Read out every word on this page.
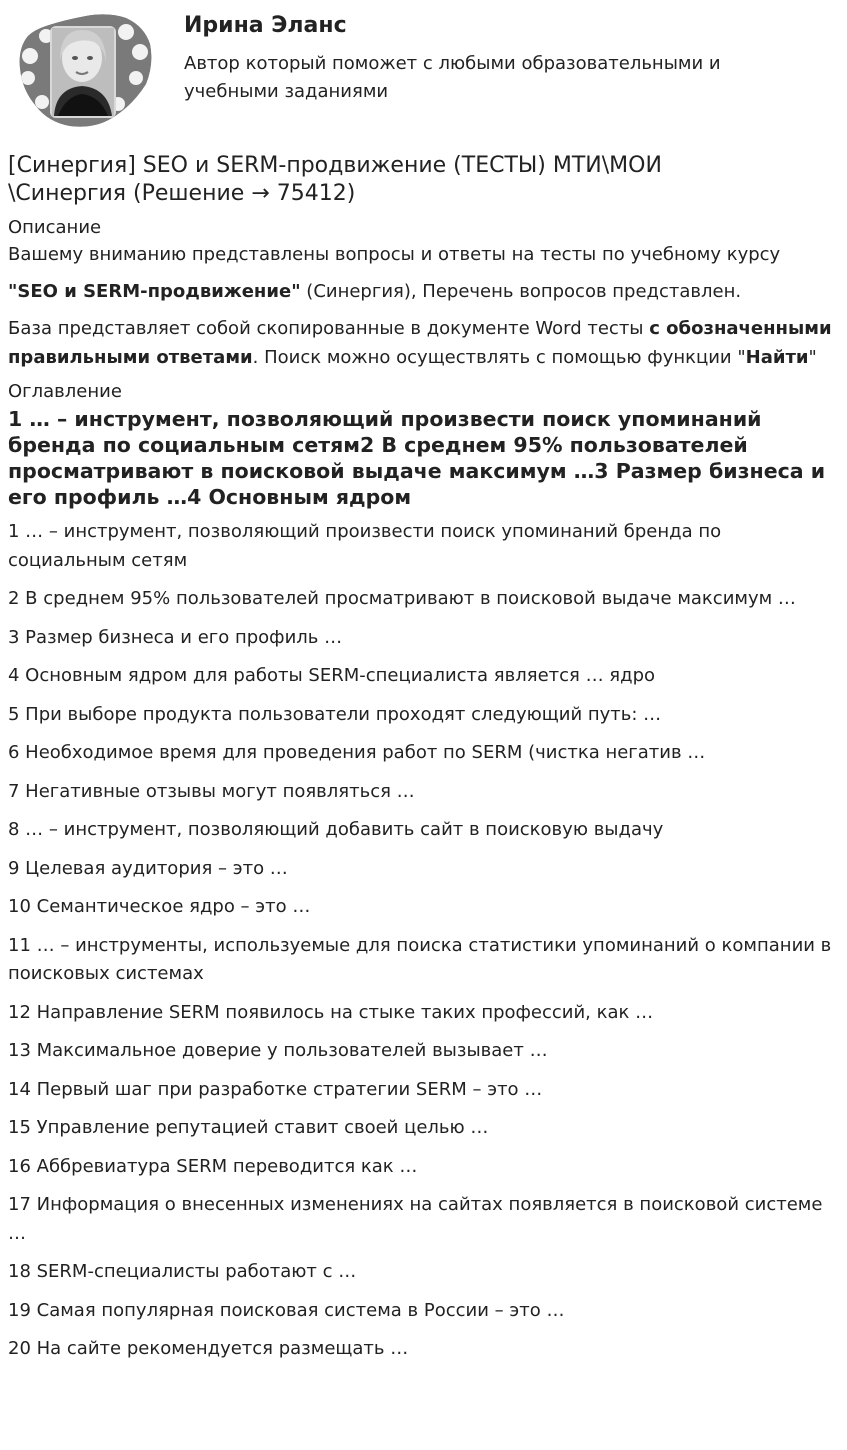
Ирина Эланс
Автор который поможет с любыми образовательными и учебными заданиями
[Синергия] SEO и SERM-продвижение (ТЕСТЫ) МТИ\МОИ \Синергия (Решение → 75412)
Описание

Вашему вниманию представлены вопросы и ответы на тесты по учебному курсу

"SEO и SERM-продвижение" (Синергия), Перечень вопросов представлен.

База представляет собой скопированные в документе Word тесты с обозначенными правильными ответами. Поиск можно осуществлять с помощью функции "Найти"

Оглавление
1 … – инструмент, позволяющий произвести поиск упоминаний бренда по социальным сетям2 В среднем 95% пользователей просматривают в поисковой выдаче максимум …3 Размер бизнеса и его профиль …4 Основным ядром
1 … – инструмент, позволяющий произвести поиск упоминаний бренда по социальным сетям
2 В среднем 95% пользователей просматривают в поисковой выдаче максимум …
3 Размер бизнеса и его профиль …
4 Основным ядром для работы SERM-специалиста является … ядро
5 При выборе продукта пользователи проходят следующий путь: …
6 Необходимое время для проведения работ по SERM (чистка негатив …
7 Негативные отзывы могут появляться …
8 … – инструмент, позволяющий добавить сайт в поисковую выдачу
9 Целевая аудитория – это …
10 Семантическое ядро – это …
11 … – инструменты, используемые для поиска статистики упоминаний о компании в поисковых системах
12 Направление SERM появилось на стыке таких профессий, как …
13 Максимальное доверие у пользователей вызывает …
14 Первый шаг при разработке стратегии SERM – это …
15 Управление репутацией ставит своей целью …
16 Аббревиатура SERM переводится как …
17 Информация о внесенных изменениях на сайтах появляется в поисковой системе …
18 SERM-специалисты работают с …
19 Самая популярная поисковая система в России – это …
20 На сайте рекомендуется размещать …
